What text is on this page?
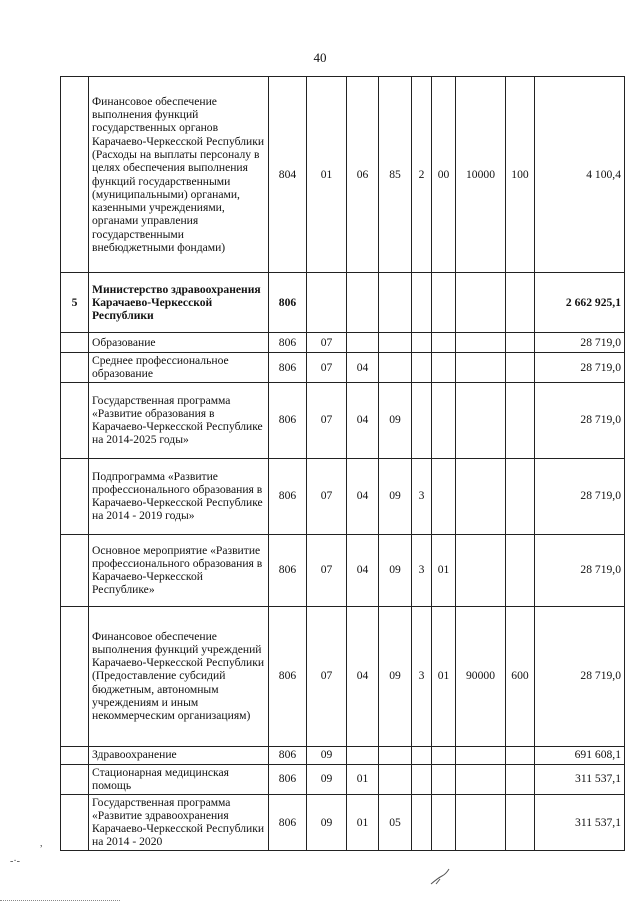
40
	Финансовое обеспечение выполнения функций государственных органов Карачаево-Черкесской Республики (Расходы на выплаты персоналу в целях обеспечения выполнения функций государственными (муниципальными) органами, казенными учреждениями, органами управления государственными внебюджетными фондами)	804	01	06	85	2	00	10000	100	4 100,4
5	Министерство здравоохранения Карачаево-Черкесской Республики	806								2 662 925,1
	Образование	806	07							28 719,0
	Среднее профессиональное образование	806	07	04						28 719,0
	Государственная программа «Развитие образования в Карачаево-Черкесской Республике на 2014-2025 годы»	806	07	04	09					28 719,0
	Подпрограмма «Развитие профессионального образования в Карачаево-Черкесской Республике на 2014 - 2019 годы»	806	07	04	09	3				28 719,0
	Основное мероприятие «Развитие профессионального образования в Карачаево-Черкесской Республике»	806	07	04	09	3	01			28 719,0
	Финансовое обеспечение выполнения функций учреждений Карачаево-Черкесской Республики (Предоставление субсидий бюджетным, автономным учреждениям и иным некоммерческим организациям)	806	07	04	09	3	01	90000	600	28 719,0
	Здравоохранение	806	09							691 608,1
	Стационарная медицинская помощь	806	09	01						311 537,1
	Государственная программа «Развитие здравоохранения Карачаево-Черкесской Республики на 2014 - 2020	806	09	01	05					311 537,1
,
-·-
